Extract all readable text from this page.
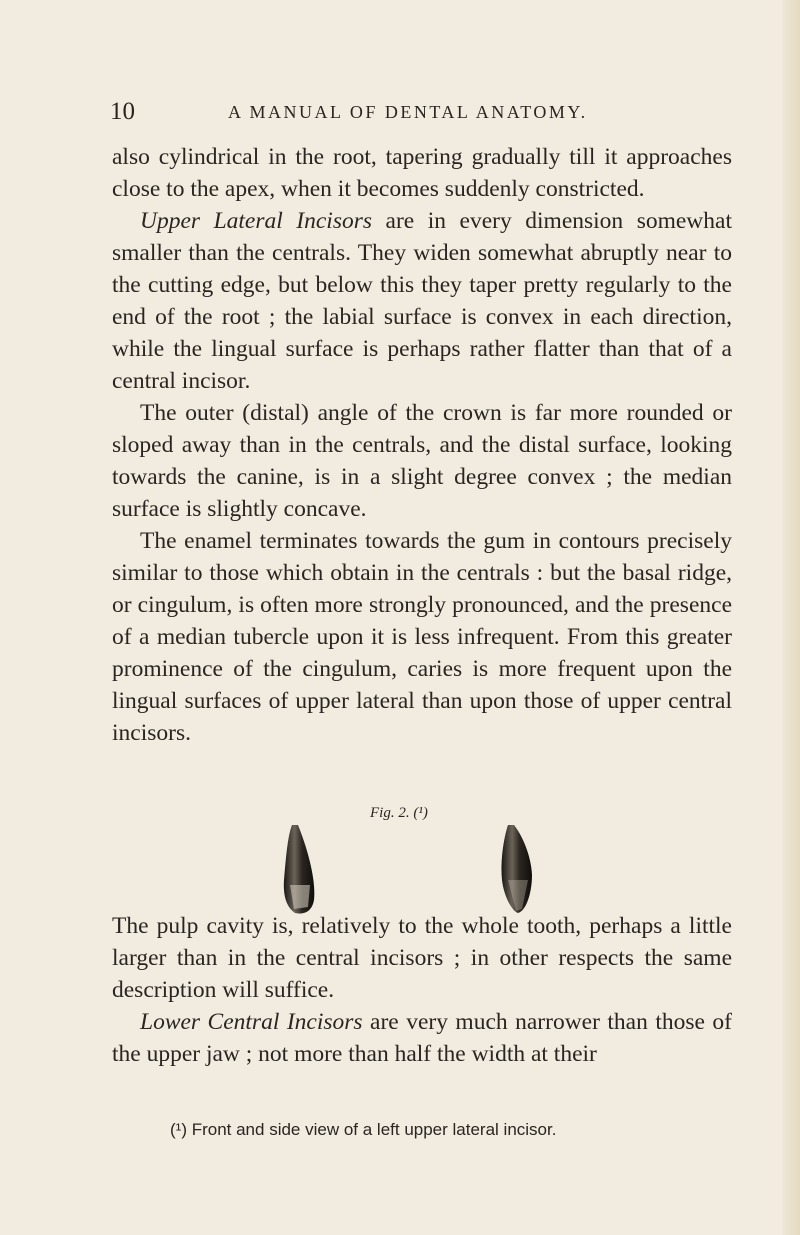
10	A MANUAL OF DENTAL ANATOMY.

also cylindrical in the root, tapering gradually till it approaches close to the apex, when it becomes suddenly constricted.

Upper Lateral Incisors are in every dimension somewhat smaller than the centrals. They widen somewhat abruptly near to the cutting edge, but below this they taper pretty regularly to the end of the root ; the labial surface is convex in each direction, while the lingual surface is perhaps rather flatter than that of a central incisor.

The outer (distal) angle of the crown is far more rounded or sloped away than in the centrals, and the distal surface, looking towards the canine, is in a slight degree convex ; the median surface is slightly concave.

The enamel terminates towards the gum in contours precisely similar to those which obtain in the centrals : but the basal ridge, or cingulum, is often more strongly pronounced, and the presence of a median tubercle upon it is less infrequent. From this greater prominence of the cingulum, caries is more frequent upon the lingual surfaces of upper lateral than upon those of upper central incisors.

Fig. 2. (¹)

The pulp cavity is, relatively to the whole tooth, perhaps a little larger than in the central incisors ; in other respects the same description will suffice.

Lower Central Incisors are very much narrower than those of the upper jaw ; not more than half the width at their

(¹) Front and side view of a left upper lateral incisor.
